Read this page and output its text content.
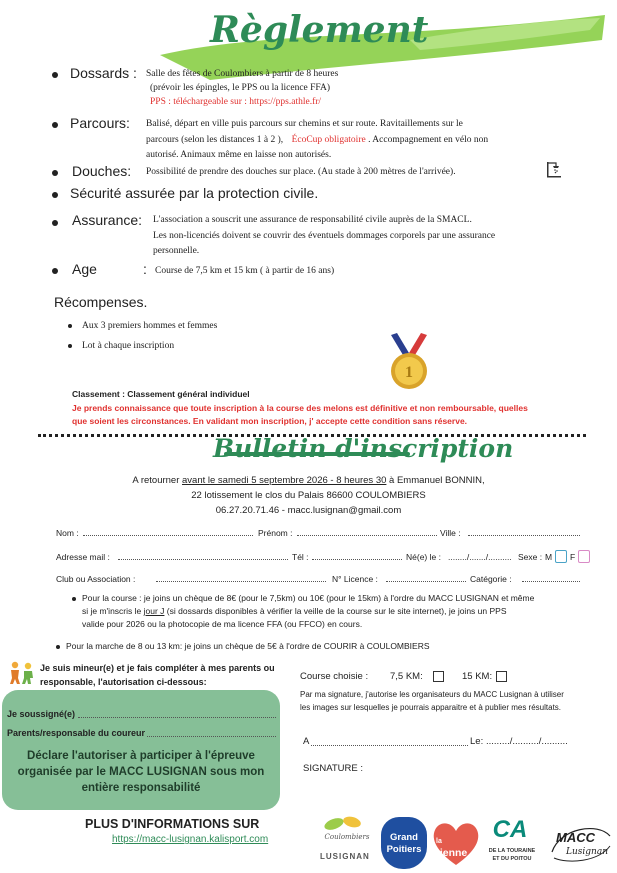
Règlement
Dossards : Salle des fêtes de Coulombiers à partir de 8 heures
(prévoir les épingles, le PPS ou la licence FFA)
PPS : téléchargeable sur : https://pps.athle.fr/
Parcours: Balisé, départ en ville puis parcours sur chemins et sur route. Ravitaillements sur le
parcours (selon les distances 1 à 2 ), ÉcoCup obligatoire . Accompagnement en vélo non
autorisé. Animaux même en laisse non autorisés.
Douches: Possibilité de prendre des douches sur place. (Au stade à 200 mètres de l'arrivée).
Sécurité assurée par la protection civile.
Assurance: L'association a souscrit une assurance de responsabilité civile auprès de la SMACL.
Les non-licenciés doivent se couvrir des éventuels dommages corporels par une assurance
personnelle.
Age	: Course de 7,5 km et 15 km ( à partir de 16 ans)
Récompenses.
Aux 3 premiers hommes et femmes
Lot à chaque inscription
1
Classement : Classement général individuel
Je prends connaissance que toute inscription à la course des melons est définitive et non remboursable, quelles
que soient les circonstances. En validant mon inscription, j' accepte cette condition sans réserve.
Bulletin d'inscription
A retourner avant le samedi 5 septembre 2026 - 8 heures 30 à Emmanuel BONNIN,
22 lotissement le clos du Palais 86600 COULOMBIERS
06.27.20.71.46 - macc.lusignan@gmail.com
Nom :	Prénom :	Ville :
Adresse mail :	Tél :	Né(e) le : ......../......./.......... Sexe : M F
Club ou Association :	N° Licence :	Catégorie :
Pour la course : je joins un chèque de 8€ (pour le 7,5km) ou 10€ (pour le 15km) à l'ordre du MACC LUSIGNAN et même
si je m'inscris le jour J (si dossards disponibles à vérifier la veille de la course sur le site internet), je joins un PPS
valide pour 2026 ou la photocopie de ma licence FFA (ou FFCO) en cours.
Pour la marche de 8 ou 13 km: je joins un chèque de 5€ à l'ordre de COURIR à COULOMBIERS
Je suis mineur(e) et je fais compléter à mes parents ou
responsable, l'autorisation ci-dessous:
Je soussigné(e)
Parents/responsable du coureur
Déclare l'autoriser à participer à l'épreuve
organisée par le MACC LUSIGNAN sous mon
entière responsabilité
Course choisie : 7,5 KM:	15 KM:
Par ma signature, j'autorise les organisateurs du MACC Lusignan à utiliser
les images sur lesquelles je pourrais apparaitre et à publier mes résultats.
A	Le: ........./........../..........
SIGNATURE :
PLUS D'INFORMATIONS SUR
https://macc-lusignan.kalisport.com	Coulombiers
LUSIGNAN
Grand
Poitiers
la
vienne
CA
DE LA TOURAINE
ET DU POITOU
MACC
Lusignan
